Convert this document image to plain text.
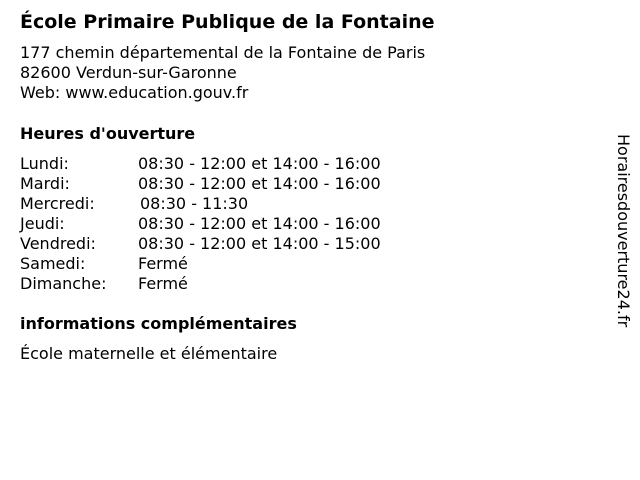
École Primaire Publique de la Fontaine
177 chemin départemental de la Fontaine de Paris
82600 Verdun-sur-Garonne
Web: www.education.gouv.fr
Heures d'ouverture
Lundi:	08:30 - 12:00 et 14:00 - 16:00
Mardi:	08:30 - 12:00 et 14:00 - 16:00
Mercredi:	08:30 - 11:30
Jeudi:	08:30 - 12:00 et 14:00 - 16:00
Vendredi:	08:30 - 12:00 et 14:00 - 15:00
Samedi:	Fermé
Dimanche:	Fermé
informations complémentaires
École maternelle et élémentaire
Horairesdouverture24.fr
